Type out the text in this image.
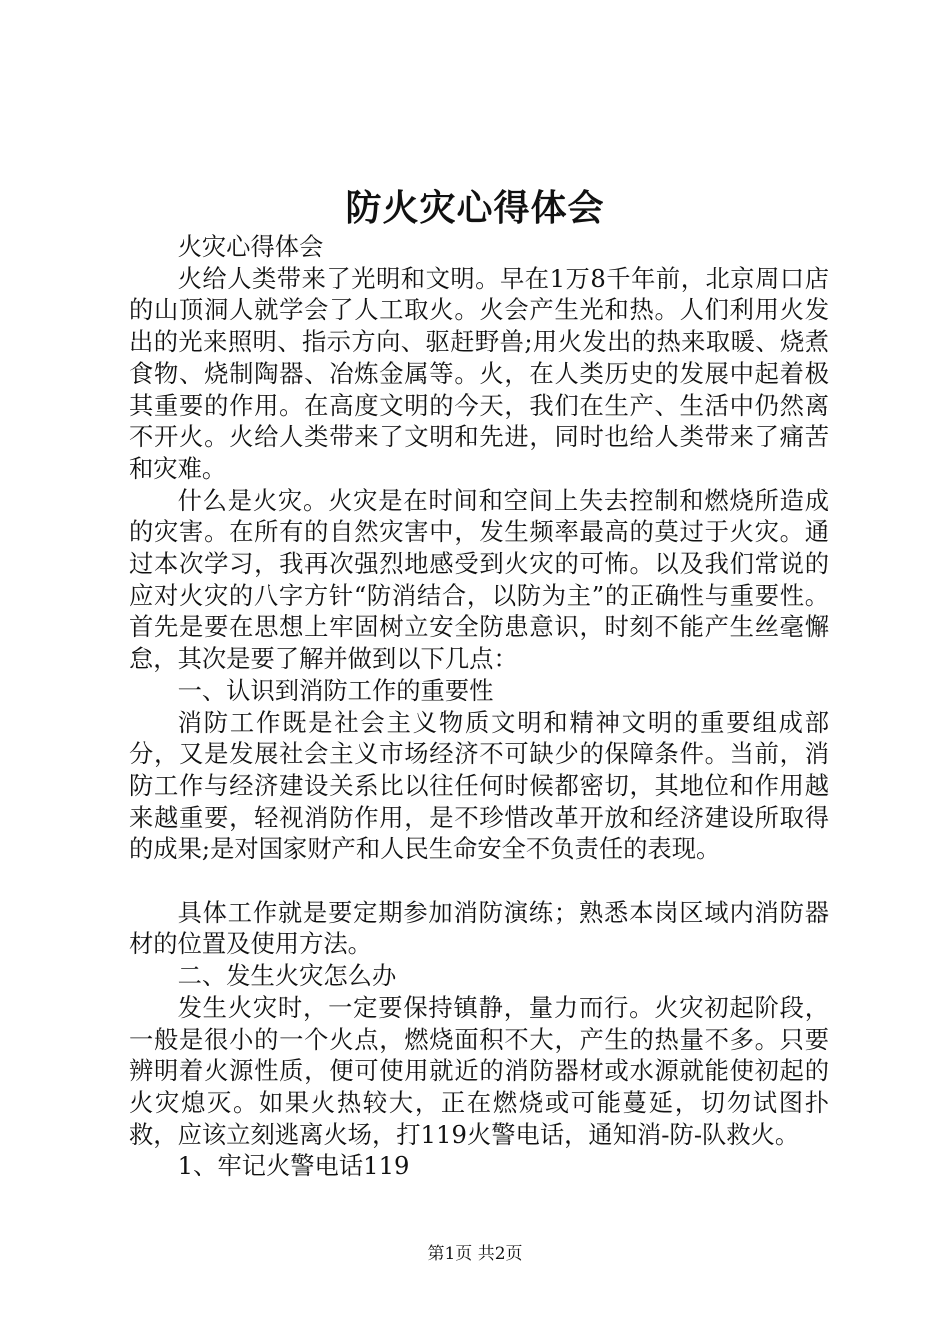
防火灾心得体会

火灾心得体会

火给人类带来了光明和文明。早在1万8千年前，北京周口店的山顶洞人就学会了人工取火。火会产生光和热。人们利用火发出的光来照明、指示方向、驱赶野兽;用火发出的热来取暖、烧煮食物、烧制陶器、冶炼金属等。火，在人类历史的发展中起着极其重要的作用。在高度文明的今天，我们在生产、生活中仍然离不开火。火给人类带来了文明和先进，同时也给人类带来了痛苦和灾难。

什么是火灾。火灾是在时间和空间上失去控制和燃烧所造成的灾害。在所有的自然灾害中，发生频率最高的莫过于火灾。通过本次学习，我再次强烈地感受到火灾的可怖。以及我们常说的应对火灾的八字方针“防消结合，以防为主”的正确性与重要性。首先是要在思想上牢固树立安全防患意识，时刻不能产生丝毫懈怠，其次是要了解并做到以下几点：

一、认识到消防工作的重要性

消防工作既是社会主义物质文明和精神文明的重要组成部分，又是发展社会主义市场经济不可缺少的保障条件。当前，消防工作与经济建设关系比以往任何时候都密切，其地位和作用越来越重要，轻视消防作用，是不珍惜改革开放和经济建设所取得的成果;是对国家财产和人民生命安全不负责任的表现。

具体工作就是要定期参加消防演练；熟悉本岗区域内消防器材的位置及使用方法。

二、发生火灾怎么办

发生火灾时，一定要保持镇静，量力而行。火灾初起阶段，一般是很小的一个火点，燃烧面积不大，产生的热量不多。只要辨明着火源性质，便可使用就近的消防器材或水源就能使初起的火灾熄灭。如果火热较大，正在燃烧或可能蔓延，切勿试图扑救，应该立刻逃离火场，打119火警电话，通知消-防-队救火。

1、牢记火警电话119

第1页 共2页
